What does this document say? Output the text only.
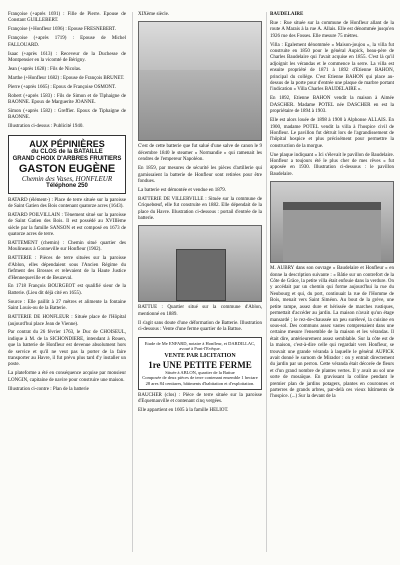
Françoise (+après 1691) : Fille de Pierre. Epouse de Constant GUILLEBERT.

Françoise (+Honfleur 1696) : Epouse FRESNEBERT.

Françoise (+après 1719) : Epouse de Michel FALLOUARD.

Isaac (+après 1613) : Receveur de la Duchesse de Montpensier en la vicomté de Bérigny.

Jean (+après 1628) : Fils de Nicolas.

Marthe (+Honfleur 1682) : Epouse de François BRUNET.

Pierre (+après 1665) : Epoux de Françoise OSMONT.

Robert (+après 1583) : Fils de Simon et de Tiphaigne de BAONNE. Epoux de Marguerite JOANNE.

Simon (+après 1582) : Greffier. Epoux de Tiphaigne de BAONNE.

Illustration ci-dessus : Publicité 1940.

AUX PÉPINIÈRES
du CLOS de la BATAILLE
GRAND CHOIX D'ARBRES FRUITIERS
GASTON EUGÈNE
Chemin des Vases, HONFLEUR
Téléphone 250

BATARD (élément-) : Place de terre située sur la paroisse de Saint Gatien des Bois contenant quatorze acres (1643).

BATARD POILVILLAIN : Tènement situé sur la paroisse de Saint Gatien des Bois. Il est possédé au XVIIIème siècle par la famille SANSON et est composé en 1673 de quatorze acres de terre.

BATTEMENT (chemin) : Chemin situé quartier des Moulineaux à Gonneville sur Honfleur (1902).

BATTERIE : Pièces de terre situées sur la paroisse d'Ablon, elles dépendaient sous l'Ancien Régime du fiefment des Brosses et relevaient de la Haute Justice d'Hennequeville et de Beuzeval.

En 1718 François BOURGEOT est qualifié sieur de la Batterie. (Lieu dit déjà cité en 1655).

Source : Elle paillit à 27 mètres et alimente la fontaine Saint Louis-ou de la Batterie.

BATTERIE DE HONFLEUR : Située place de l'Hôpital (aujourd'hui place Jean de Vienne).

Par contrat du 26 février 1763, le Duc de CHOISEUL, indique à M. de la SICHONDIERE, intendant à Rouen, que la batterie de Honfleur est devenue absolument hors de service et qu'il ne veut pas la porter de la faire transporter au Havre, il fut prévu plus tard d'y installer un poste.

La plateforme a été en conséquence acquise par monsieur LONGIN, capitaine de navire pour construire une maison.

Illustration ci-contre : Plan de la batterie

XIXème siècle.

C'est de cette batterie que fut salué d'une salve de canon le 9 décembre 1840 le steamer « Normandie » qui ramenait les cendres de l'empereur Napoléon.

En 1859, par mesures de sécurité les pièces d'artillerie qui garnissaient la batterie de Honfleur sont retirées pour être fondues.

La batterie est démontée et vendue en 1879.

BATTERIE DE VILLERVILLE : Située sur la commune de Criquebœuf, elle fut construite en 1882. Elle dépendait de la place du Havre. Illustration ci-dessous : portail d'entrée de la batterie.

BATTUE : Quartier situé sur la commune d'Ablon, mentionné en 1889.

Il s'agit sans doute d'une déformation de Batterie. Illustration ci-dessous : Vente d'une ferme quartier de la Battue.

Etude de Me ENFARD, notaire à Honfleur, et DARDILLAC, avoué à Pont-l'Evêque.
VENTE PAR LICITATION
1re UNE PETITE FERME
Située à ABLON, quartier de la Battue
Composée de deux pièces de terre contenant ensemble 1 hectare 28 ares 84 centiares, bâtiments d'habitation et d'exploitation.

BAUCHER (clos) : Pièce de terre située sur la paroisse d'Equemauville et contenant cinq vergées.

Elle appartient en 1605 à la famille HELIOT.

BAUDELAIRE

Rue : Rue située sur la commune de Honfleur allant de la route A Marais à la rue A. Allais. Elle est dénommée jusqu'en 1926 rue des Fosses. Elle mesure 75 mètres.

Villa : Egalement dénommée « Maison-joujou », la villa fut construite en 1850 pour le général Aupick, beau-père de Charles Baudelaire qui l'avait acquise en 1855. C'est là qu'il adjoignit les vérandas et le commence la serre. La villa est ensuite propriété de 1871 à 1892 d'Etienne BAHON, principal du collège. C'est Etienne BAHON qui place au-dessus de la porte pour d'entrée une plaque de marbre portant l'indication « Villa Charles BAUDELAIRE ».

En 1892, Etienne BAHON vendit la maison à Aimée DASCHER. Madame POTEL née DASCHER en est la propriétaire de 1894 à 1903.

Elle est alors louée de 1898 à 1900 à Alphonse ALLAIS. En 1900, madame POTEL vendit la villa à l'hospice civil de Honfleur. Le pavillon fut détruit lors de l'agrandissement de l'hôpital hospice et plus précisément pour permettre la construction de la morgue.

Une plaque indiquant « Ici s'élevait le pavillon de Baudelaire. Honfleur a toujours été le plus cher de mes rêves » fut apposée en 1930. Illustration ci-dessous : le pavillon Baudelaire.

M. AUBRY dans son ouvrage « Baudelaire et Honfleur » en donne la description suivante : « Bâtie sur un contrefort de la Côte de Grâce, la petite villa était enfouie dans la verdure. On y accédait par un chemin qui forme aujourd'hui la rue du Neubourg et qui, du port, continuait la rue de l'Homme de Bois, menait vers Saint Siméon. Au bout de la grève, une petite rampe, assez dure et hérissée de marches rustiques, permettait d'accéder au jardin. La maison n'avait qu'un étage mansardé ; le rez-de-chaussée un peu surélevé, la cuisine en sous-sol. Des communs assez vastes comprenaient dans une certaine mesure l'ensemble de la maison et les vérandas. Il était dire, antérieurement assez semblable. Sur la côte est de la maison, c'est-à-dire celle qui regardait vers Honfleur, se trouvait une grande véranda à laquelle le général AUPICK avait donné le surnom de Mirador : on y entrait directement du jardin par un perron. Cette véranda était décorée de fleurs et d'un grand nombre de plantes vertes. Il y avait au sol une sorte de mosaïque. En gravissant la colline pendant le premier plan de jardins potagers, plantes en couronnes et parterres de grands arbres, par-delà ces vieux bâtiments de l'hospice. (...) Sur la devant de la
